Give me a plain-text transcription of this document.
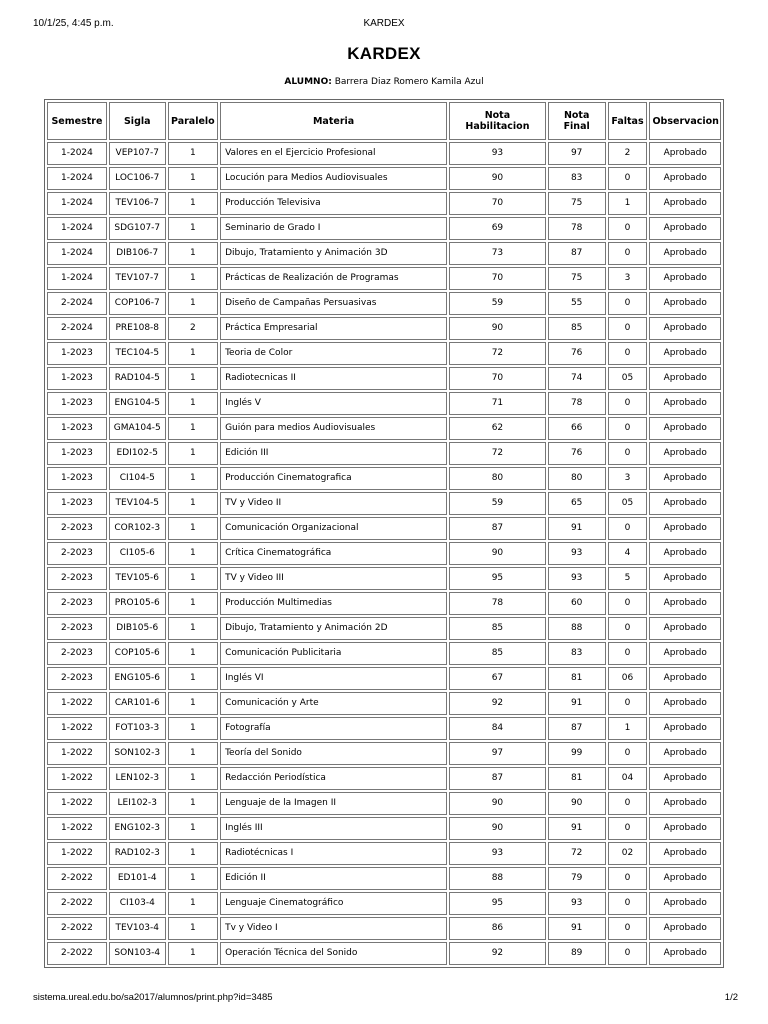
10/1/25, 4:45 p.m.	KARDEX
KARDEX
ALUMNO: Barrera Diaz Romero Kamila Azul
Semestre	Sigla	Paralelo	Materia	Nota Habilitacion	Nota Final	Faltas	Observacion
1-2024	VEP107-7	1	Valores en el Ejercicio Profesional	93	97	2	Aprobado
1-2024	LOC106-7	1	Locución para Medios Audiovisuales	90	83	0	Aprobado
1-2024	TEV106-7	1	Producción Televisiva	70	75	1	Aprobado
1-2024	SDG107-7	1	Seminario de Grado I	69	78	0	Aprobado
1-2024	DIB106-7	1	Dibujo, Tratamiento y Animación 3D	73	87	0	Aprobado
1-2024	TEV107-7	1	Prácticas de Realización de Programas	70	75	3	Aprobado
2-2024	COP106-7	1	Diseño de Campañas Persuasivas	59	55	0	Aprobado
2-2024	PRE108-8	2	Práctica Empresarial	90	85	0	Aprobado
1-2023	TEC104-5	1	Teoria de Color	72	76	0	Aprobado
1-2023	RAD104-5	1	Radiotecnicas II	70	74	05	Aprobado
1-2023	ENG104-5	1	Inglés V	71	78	0	Aprobado
1-2023	GMA104-5	1	Guión para medios Audiovisuales	62	66	0	Aprobado
1-2023	EDI102-5	1	Edición III	72	76	0	Aprobado
1-2023	CI104-5	1	Producción Cinematografica	80	80	3	Aprobado
1-2023	TEV104-5	1	TV y Video II	59	65	05	Aprobado
2-2023	COR102-3	1	Comunicación Organizacional	87	91	0	Aprobado
2-2023	CI105-6	1	Crítica Cinematográfica	90	93	4	Aprobado
2-2023	TEV105-6	1	TV y Video III	95	93	5	Aprobado
2-2023	PRO105-6	1	Producción Multimedias	78	60	0	Aprobado
2-2023	DIB105-6	1	Dibujo, Tratamiento y Animación 2D	85	88	0	Aprobado
2-2023	COP105-6	1	Comunicación Publicitaria	85	83	0	Aprobado
2-2023	ENG105-6	1	Inglés VI	67	81	06	Aprobado
1-2022	CAR101-6	1	Comunicación y Arte	92	91	0	Aprobado
1-2022	FOT103-3	1	Fotografía	84	87	1	Aprobado
1-2022	SON102-3	1	Teoría del Sonido	97	99	0	Aprobado
1-2022	LEN102-3	1	Redacción Periodística	87	81	04	Aprobado
1-2022	LEI102-3	1	Lenguaje de la Imagen II	90	90	0	Aprobado
1-2022	ENG102-3	1	Inglés III	90	91	0	Aprobado
1-2022	RAD102-3	1	Radiotécnicas I	93	72	02	Aprobado
2-2022	ED101-4	1	Edición II	88	79	0	Aprobado
2-2022	CI103-4	1	Lenguaje Cinematográfico	95	93	0	Aprobado
2-2022	TEV103-4	1	Tv y Video I	86	91	0	Aprobado
2-2022	SON103-4	1	Operación Técnica del Sonido	92	89	0	Aprobado
sistema.ureal.edu.bo/sa2017/alumnos/print.php?id=3485	1/2
